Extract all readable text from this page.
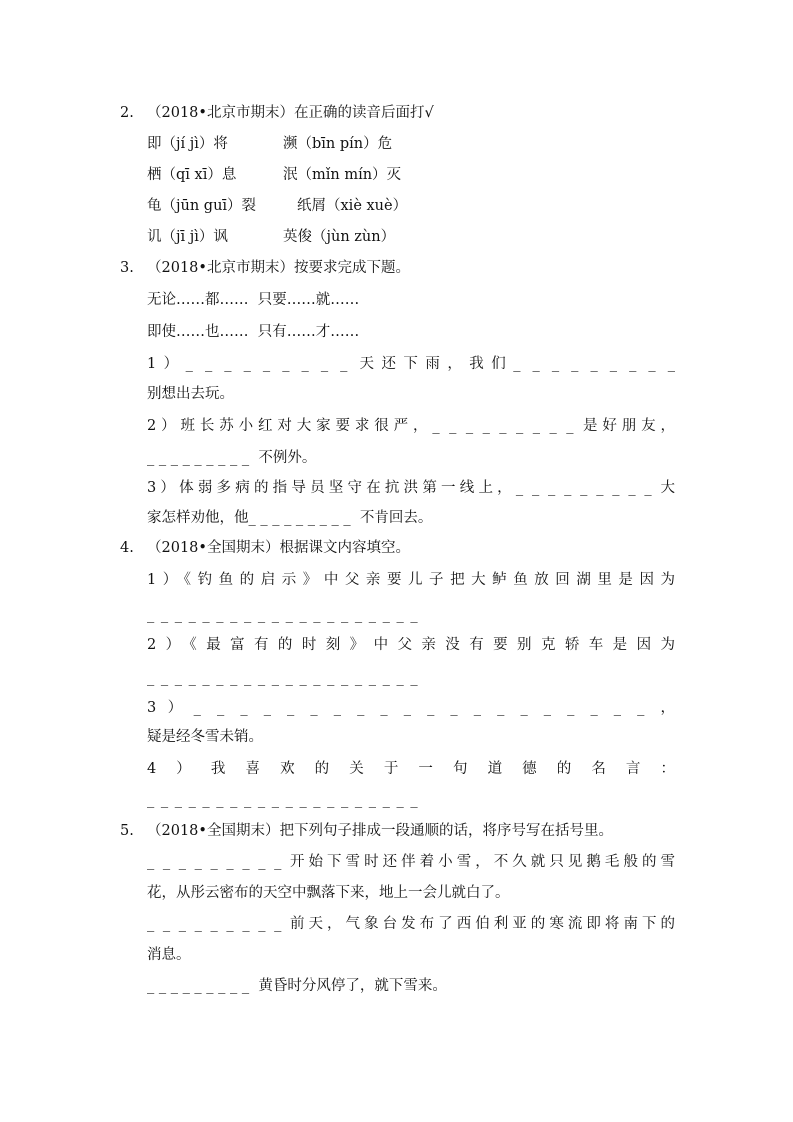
2. （2018•北京市期末）在正确的读音后面打√
即（jí jì）将	濒（bīn pín）危
栖（qī xī）息	泯（mǐn mín）灭
龟（jūn guī）裂	纸屑（xiè xuè）
讥（jī jì）讽	英俊（jùn zùn）
3. （2018•北京市期末）按要求完成下题。
无论……都……  只要……就……
即使……也……  只有……才……
1）_ _ _ _ _ _ _ _ _ 天还下雨，我们_ _ _ _ _ _ _ _ _
别想出去玩。
2）班长苏小红对大家要求很严，_ _ _ _ _ _ _ _ _ 是好朋友，
_ _ _ _ _ _ _ _ _  不例外。
3）体弱多病的指导员坚守在抗洪第一线上，_ _ _ _ _ _ _ _ _ 大
家怎样劝他，他_ _ _ _ _ _ _ _ _  不肯回去。
4. （2018•全国期末）根据课文内容填空。
1）《钓鱼的启示》中父亲要儿子把大鲈鱼放回湖里是因为
_ _ _ _ _ _ _ _ _ _ _ _ _ _ _ _ _ _ _ _
2）《最富有的时刻》中父亲没有要别克轿车是因为
_ _ _ _ _ _ _ _ _ _ _ _ _ _ _ _ _ _ _ _
3）_ _ _ _ _ _ _ _ _ _ _ _ _ _ _ _ _ _ _ _ ，
疑是经冬雪未销。
4）我喜欢的关于一句道德的名言：
_ _ _ _ _ _ _ _ _ _ _ _ _ _ _ _ _ _ _ _
5. （2018•全国期末）把下列句子排成一段通顺的话，将序号写在括号里。
_ _ _ _ _ _ _ _ _ 开始下雪时还伴着小雪，不久就只见鹅毛般的雪
花，从彤云密布的天空中飘落下来，地上一会儿就白了。
_ _ _ _ _ _ _ _ _ 前天，气象台发布了西伯利亚的寒流即将南下的
消息。
_ _ _ _ _ _ _ _ _  黄昏时分风停了，就下雪来。
